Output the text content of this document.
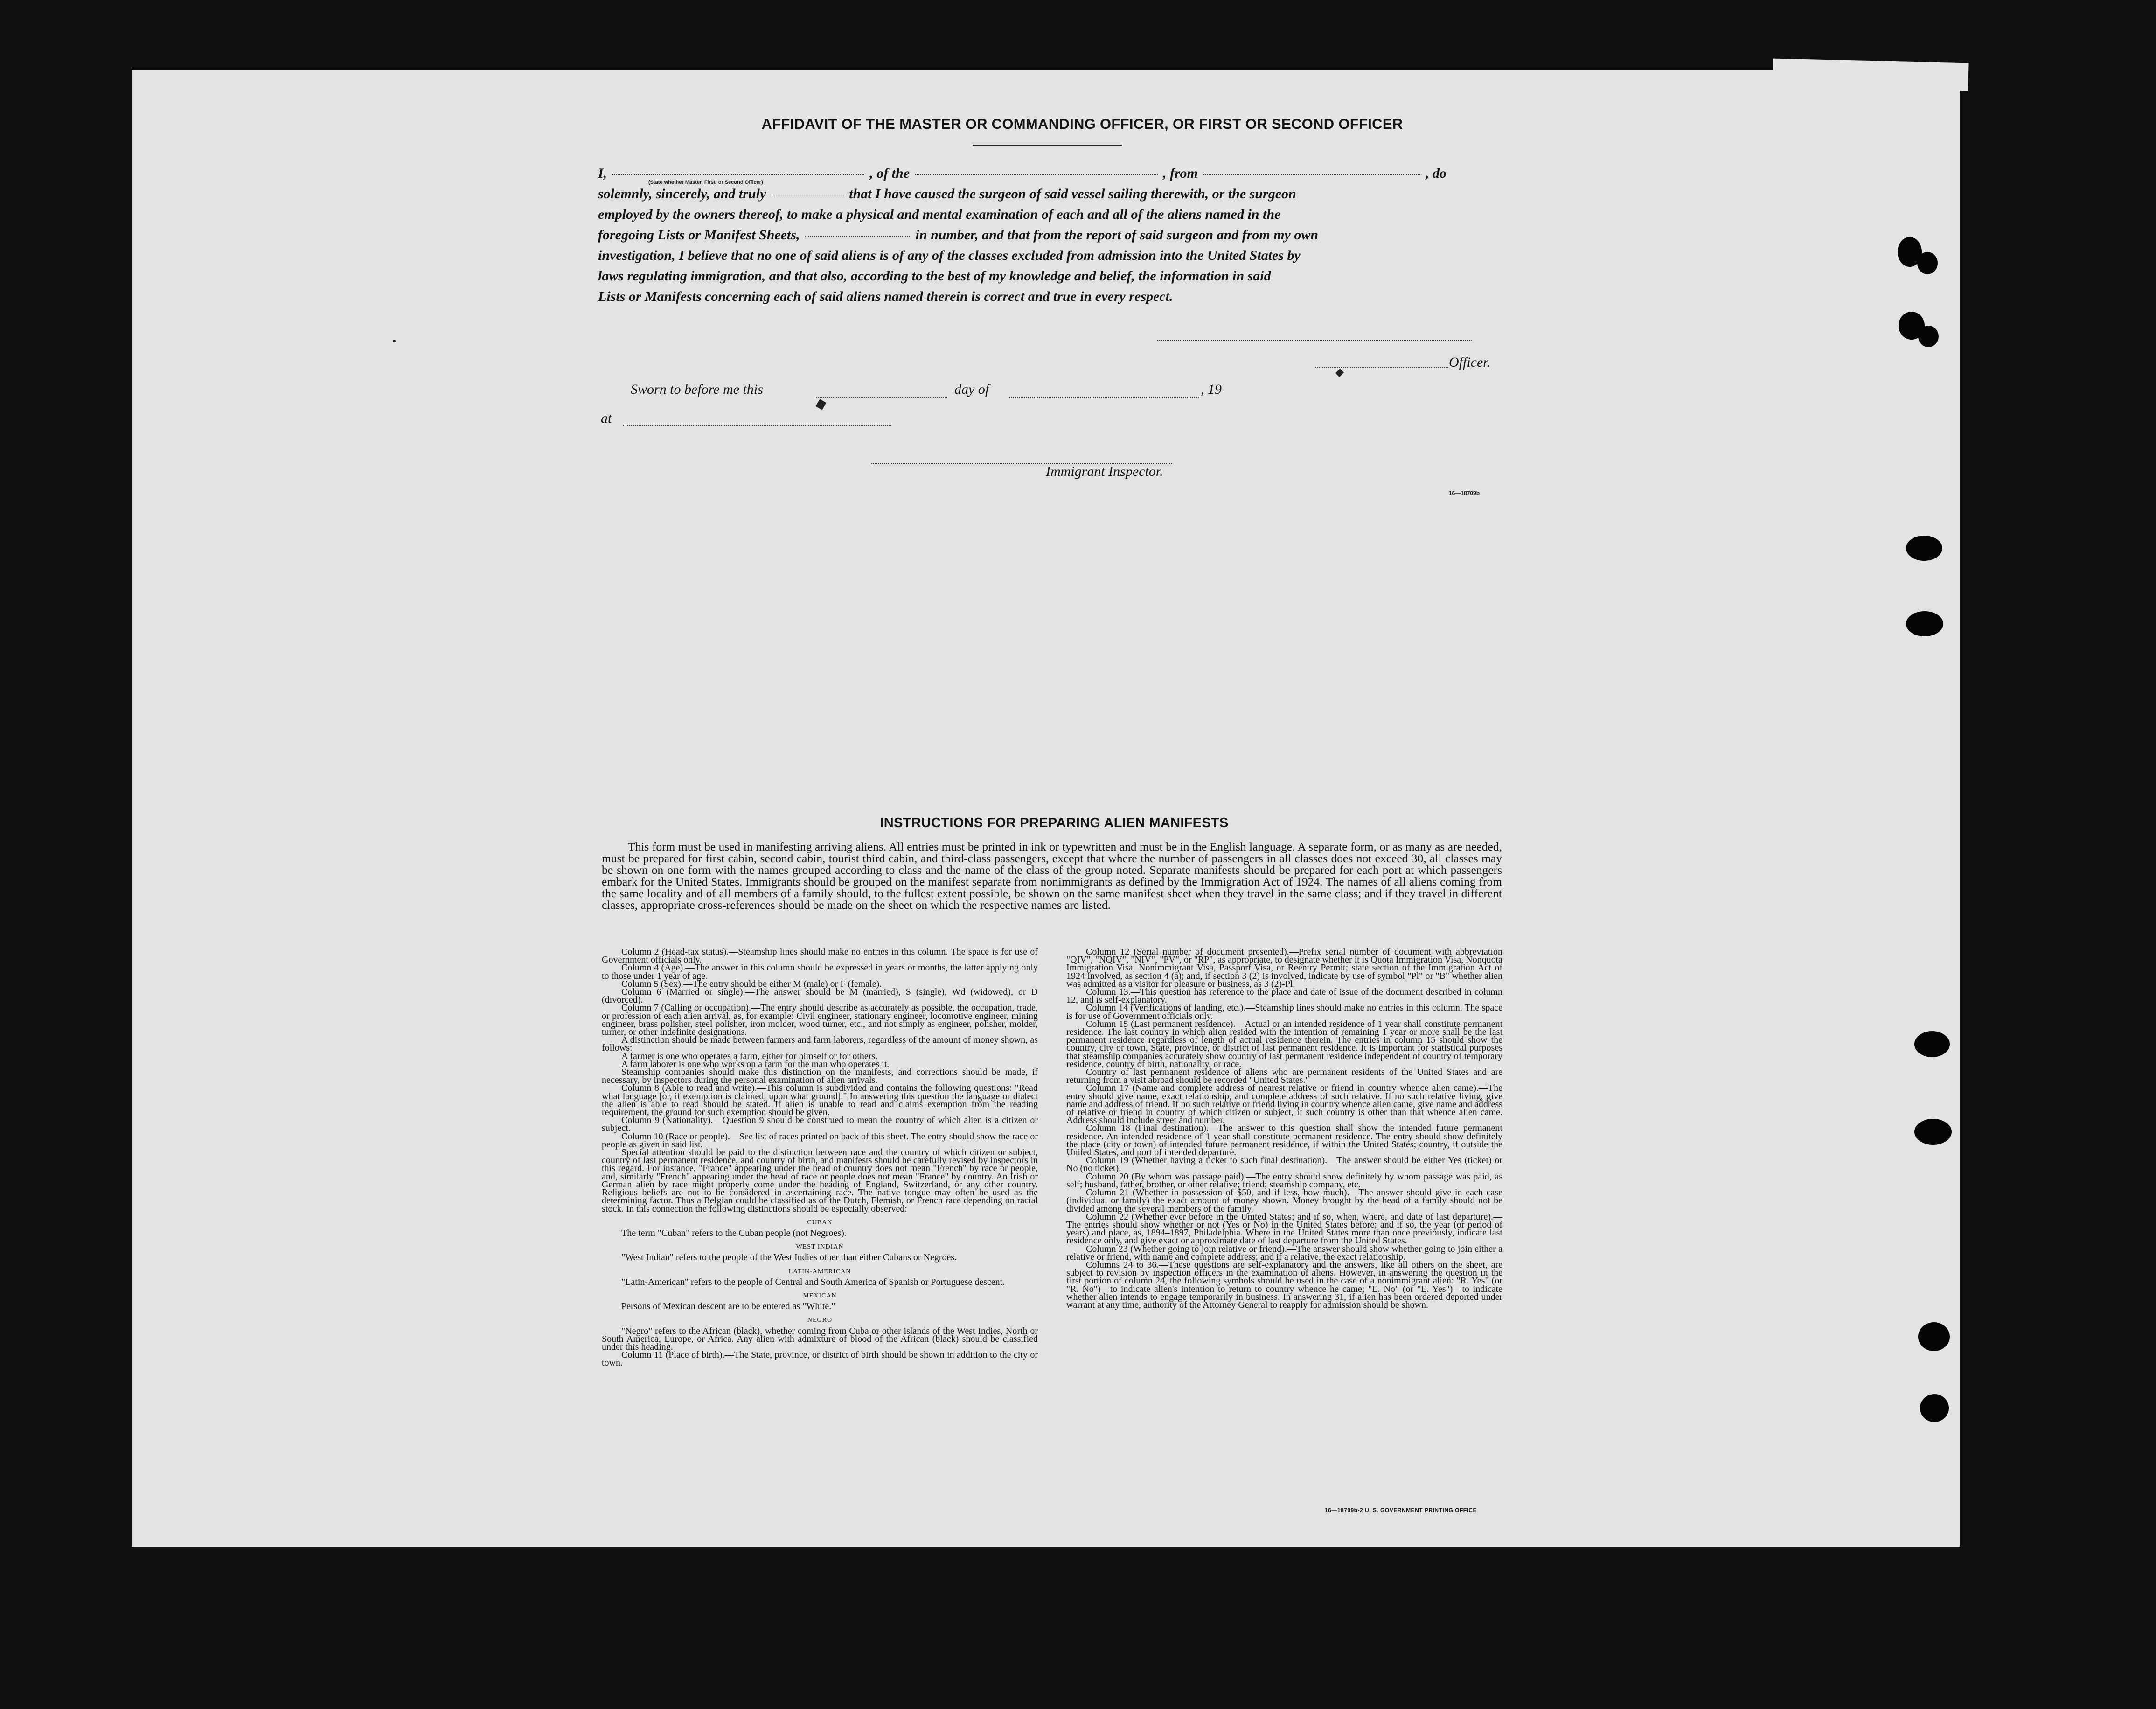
AFFIDAVIT OF THE MASTER OR COMMANDING OFFICER, OR FIRST OR SECOND OFFICER
I,	, of the	, from	, do
(State whether Master, First, or Second Officer)
solemnly, sincerely, and truly	that I have caused the surgeon of said vessel sailing therewith, or the surgeon
employed by the owners thereof, to make a physical and mental examination of each and all of the aliens named in the
foregoing Lists or Manifest Sheets,	in number, and that from the report of said surgeon and from my own
investigation, I believe that no one of said aliens is of any of the classes excluded from admission into the United States by
laws regulating immigration, and that also, according to the best of my knowledge and belief, the information in said
Lists or Manifests concerning each of said aliens named therein is correct and true in every respect.
Officer.
Sworn to before me this	day of	, 19
at
Immigrant Inspector.
16—18709b
INSTRUCTIONS FOR PREPARING ALIEN MANIFESTS
This form must be used in manifesting arriving aliens. All entries must be printed in ink or typewritten and must be in the English language. A separate form, or as many as are needed, must be prepared for first cabin, second cabin, tourist third cabin, and third-class passengers, except that where the number of passengers in all classes does not exceed 30, all classes may be shown on one form with the names grouped according to class and the name of the class of the group noted. Separate manifests should be prepared for each port at which passengers embark for the United States. Immigrants should be grouped on the manifest separate from nonimmigrants as defined by the Immigration Act of 1924. The names of all aliens coming from the same locality and of all members of a family should, to the fullest extent possible, be shown on the same manifest sheet when they travel in the same class; and if they travel in different classes, appropriate cross-references should be made on the sheet on which the respective names are listed.

Column 2 (Head-tax status).—Steamship lines should make no entries in this column. The space is for use of Government officials only.

Column 4 (Age).—The answer in this column should be expressed in years or months, the latter applying only to those under 1 year of age.

Column 5 (Sex).—The entry should be either M (male) or F (female).

Column 6 (Married or single).—The answer should be M (married), S (single), Wd (widowed), or D (divorced).

Column 7 (Calling or occupation).—The entry should describe as accurately as possible, the occupation, trade, or profession of each alien arrival, as, for example: Civil engineer, stationary engineer, locomotive engineer, mining engineer, brass polisher, steel polisher, iron molder, wood turner, etc., and not simply as engineer, polisher, molder, turner, or other indefinite designations.

A distinction should be made between farmers and farm laborers, regardless of the amount of money shown, as follows:

A farmer is one who operates a farm, either for himself or for others.

A farm laborer is one who works on a farm for the man who operates it.

Steamship companies should make this distinction on the manifests, and corrections should be made, if necessary, by inspectors during the personal examination of alien arrivals.

Column 8 (Able to read and write).—This column is subdivided and contains the following questions: "Read what language [or, if exemption is claimed, upon what ground]." In answering this question the language or dialect the alien is able to read should be stated. If alien is unable to read and claims exemption from the reading requirement, the ground for such exemption should be given.

Column 9 (Nationality).—Question 9 should be construed to mean the country of which alien is a citizen or subject.

Column 10 (Race or people).—See list of races printed on back of this sheet. The entry should show the race or people as given in said list.

Special attention should be paid to the distinction between race and the country of which citizen or subject, country of last permanent residence, and country of birth, and manifests should be carefully revised by inspectors in this regard. For instance, "France" appearing under the head of country does not mean "French" by race or people, and, similarly "French" appearing under the head of race or people does not mean "France" by country. An Irish or German alien by race might properly come under the heading of England, Switzerland, or any other country. Religious beliefs are not to be considered in ascertaining race. The native tongue may often be used as the determining factor. Thus a Belgian could be classified as of the Dutch, Flemish, or French race depending on racial stock. In this connection the following distinctions should be especially observed:

CUBAN

The term "Cuban" refers to the Cuban people (not Negroes).

WEST INDIAN

"West Indian" refers to the people of the West Indies other than either Cubans or Negroes.

LATIN-AMERICAN

"Latin-American" refers to the people of Central and South America of Spanish or Portuguese descent.

MEXICAN

Persons of Mexican descent are to be entered as "White."

NEGRO

"Negro" refers to the African (black), whether coming from Cuba or other islands of the West Indies, North or South America, Europe, or Africa. Any alien with admixture of blood of the African (black) should be classified under this heading.

Column 11 (Place of birth).—The State, province, or district of birth should be shown in addition to the city or town.

Column 12 (Serial number of document presented).—Prefix serial number of document with abbreviation "QIV", "NQIV", "NIV", "PV", or "RP", as appropriate, to designate whether it is Quota Immigration Visa, Nonquota Immigration Visa, Nonimmigrant Visa, Passport Visa, or Reentry Permit; state section of the Immigration Act of 1924 involved, as section 4 (a); and, if section 3 (2) is involved, indicate by use of symbol "Pl" or "B" whether alien was admitted as a visitor for pleasure or business, as 3 (2)-Pl.

Column 13.—This question has reference to the place and date of issue of the document described in column 12, and is self-explanatory.

Column 14 (Verifications of landing, etc.).—Steamship lines should make no entries in this column. The space is for use of Government officials only.

Column 15 (Last permanent residence).—Actual or an intended residence of 1 year shall constitute permanent residence. The last country in which alien resided with the intention of remaining 1 year or more shall be the last permanent residence regardless of length of actual residence therein. The entries in column 15 should show the country, city or town, State, province, or district of last permanent residence. It is important for statistical purposes that steamship companies accurately show country of last permanent residence independent of country of temporary residence, country of birth, nationality, or race.

Country of last permanent residence of aliens who are permanent residents of the United States and are returning from a visit abroad should be recorded "United States."

Column 17 (Name and complete address of nearest relative or friend in country whence alien came).—The entry should give name, exact relationship, and complete address of such relative. If no such relative living, give name and address of friend. If no such relative or friend living in country whence alien came, give name and address of relative or friend in country of which citizen or subject, if such country is other than that whence alien came. Address should include street and number.

Column 18 (Final destination).—The answer to this question shall show the intended future permanent residence. An intended residence of 1 year shall constitute permanent residence. The entry should show definitely the place (city or town) of intended future permanent residence, if within the United States; country, if outside the United States, and port of intended departure.

Column 19 (Whether having a ticket to such final destination).—The answer should be either Yes (ticket) or No (no ticket).

Column 20 (By whom was passage paid).—The entry should show definitely by whom passage was paid, as self; husband, father, brother, or other relative; friend; steamship company, etc.

Column 21 (Whether in possession of $50, and if less, how much).—The answer should give in each case (individual or family) the exact amount of money shown. Money brought by the head of a family should not be divided among the several members of the family.

Column 22 (Whether ever before in the United States; and if so, when, where, and date of last departure).—The entries should show whether or not (Yes or No) in the United States before; and if so, the year (or period of years) and place, as, 1894–1897, Philadelphia. Where in the United States more than once previously, indicate last residence only, and give exact or approximate date of last departure from the United States.

Column 23 (Whether going to join relative or friend).—The answer should show whether going to join either a relative or friend, with name and complete address; and if a relative, the exact relationship.

Columns 24 to 36.—These questions are self-explanatory and the answers, like all others on the sheet, are subject to revision by inspection officers in the examination of aliens. However, in answering the question in the first portion of column 24, the following symbols should be used in the case of a nonimmigrant alien: "R. Yes" (or "R. No")—to indicate alien's intention to return to country whence he came; "E. No" (or "E. Yes")—to indicate whether alien intends to engage temporarily in business. In answering 31, if alien has been ordered deported under warrant at any time, authority of the Attorney General to reapply for admission should be shown.

16—18709b-2 U. S. GOVERNMENT PRINTING OFFICE
